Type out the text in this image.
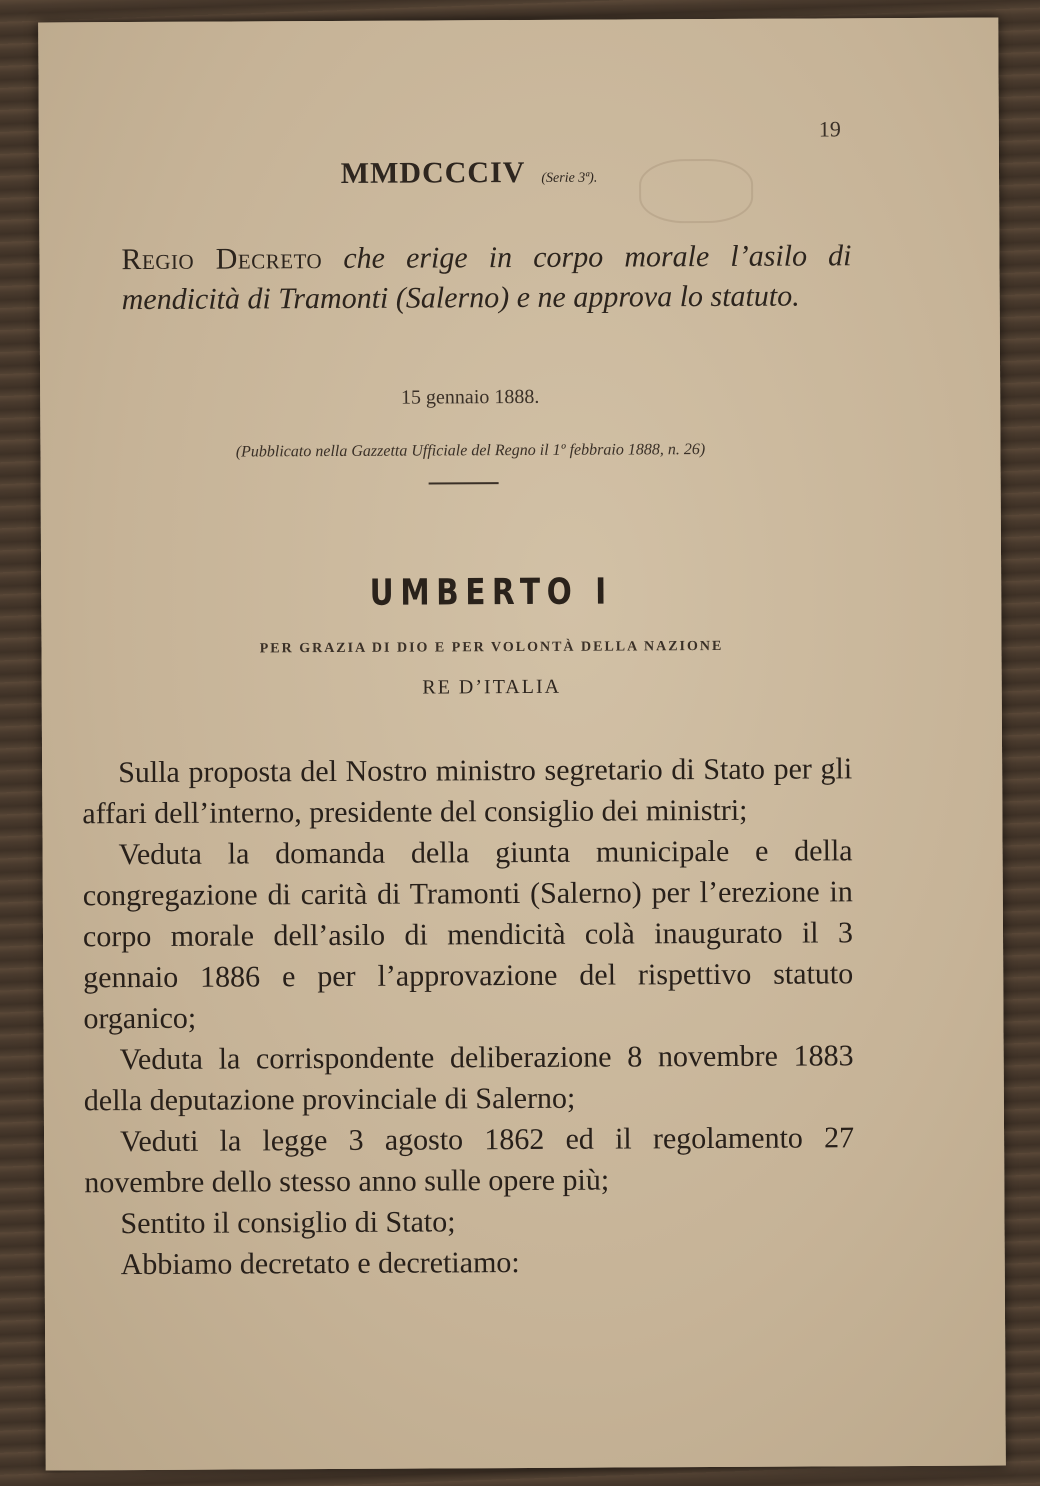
19
MMDCCCIV (Serie 3ª).
Regio Decreto che erige in corpo morale l’asilo di mendicità di Tramonti (Salerno) e ne approva lo statuto.
15 gennaio 1888.
(Pubblicato nella Gazzetta Ufficiale del Regno il 1º febbraio 1888, n. 26)
UMBERTO I
PER GRAZIA DI DIO E PER VOLONTÀ DELLA NAZIONE
RE D’ITALIA

Sulla proposta del Nostro ministro segretario di Stato per gli affari dell’interno, presidente del consiglio dei ministri;

Veduta la domanda della giunta municipale e della congregazione di carità di Tramonti (Salerno) per l’erezione in corpo morale dell’asilo di mendicità colà inaugurato il 3 gennaio 1886 e per l’approvazione del rispettivo statuto organico;

Veduta la corrispondente deliberazione 8 novembre 1883 della deputazione provinciale di Salerno;

Veduti la legge 3 agosto 1862 ed il regolamento 27 novembre dello stesso anno sulle opere più;

Sentito il consiglio di Stato;

Abbiamo decretato e decretiamo:
